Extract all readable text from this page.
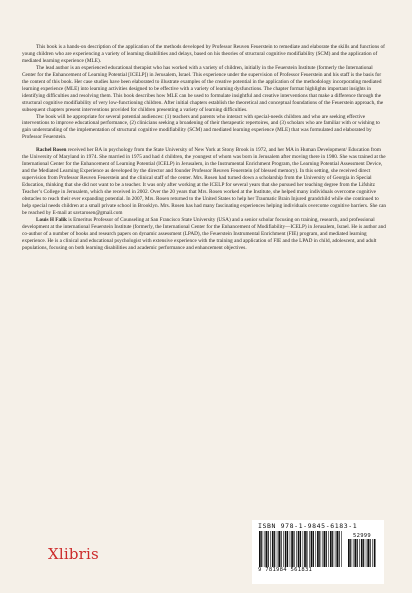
This book is a hands-on description of the application of the methods developed by Professor Reuven Feuerstein to remediate and elaborate the skills and functions of young children who are experiencing a variety of learning disabilities and delays, based on his theories of structural cognitive modifiability (SCM) and the application of mediated learning experience (MLE).

The lead author is an experienced educational therapist who has worked with a variety of children, initially in the Feuerstein Institute (formerly the International Center for the Enhancement of Learning Potential [ICELP]) in Jerusalem, Israel. This experience under the supervision of Professor Feuerstein and his staff is the basis for the content of this book. Her case studies have been elaborated to illustrate examples of the creative potential in the application of the methodology incorporating mediated learning experience (MLE) into learning activities designed to be effective with a variety of learning dysfunctions. The chapter format highlights important insights in identifying difficulties and resolving them. This book describes how MLE can be used to formulate insightful and creative interventions that make a difference through the structural cognitive modifiability of very low-functioning children. After initial chapters establish the theoretical and conceptual foundations of the Feuerstein approach, the subsequent chapters present interventions provided for children presenting a variety of learning difficulties.

The book will be appropriate for several potential audiences: (1) teachers and parents who interact with special-needs children and who are seeking effective interventions to improve educational performance, (2) clinicians seeking a broadening of their therapeutic repertoires, and (3) scholars who are familiar with or wishing to gain understanding of the implementation of structural cognitive modifiability (SCM) and mediated learning experience (MLE) that was formulated and elaborated by Professor Feuerstein.

Rachel Rosen received her BA in psychology from the State University of New York at Stony Brook in 1972, and her MA in Human Development/ Education from the University of Maryland in 1974. She married in 1975 and had 4 children, the youngest of whom was born in Jerusalem after moving there in 1980. She was trained at the International Center for the Enhancement of Learning Potential (ICELP) in Jerusalem, in the Instrumental Enrichment Program, the Learning Potential Assessment Device, and the Mediated Learning Experience as developed by the director and founder Professor Reuven Feuerstein (of blessed memory). In this setting, she received direct supervision from Professor Reuven Feuerstein and the clinical staff of the center. Mrs. Rosen had turned down a scholarship from the University of Georgia in Special Education, thinking that she did not want to be a teacher. It was only after working at the ICELP for several years that she pursued her teaching degree from the Lifshitz Teacher’s College in Jerusalem, which she received in 2002. Over the 20 years that Mrs. Rosen worked at the Institute, she helped many individuals overcome cognitive obstacles to reach their ever expanding potential. In 2007, Mrs. Rosen returned to the United States to help her Traumatic Brain Injured grandchild while she continued to help special needs children at a small private school in Brooklyn. Mrs. Rosen has had many fascinating experiences helping individuals overcome cognitive barriers. She can be reached by E-mail at savtarosen@gmail.com

Louis H Falik is Emeritus Professor of Counseling at San Francisco State University (USA) and a senior scholar focusing on training, research, and professional development at the international Feuerstein Institute (formerly, the International Center for the Enhancement of Modifiability—ICELP) in Jerusalem, Israel. He is author and co-author of a number of books and research papers on dynamic assessment (LPAD), the Feuerstein Instrumental Enrichment (FIE) program, and mediated learning experience. He is a clinical and educational psychologist with extensive experience with the training and application of FIE and the LPAD in child, adolescent, and adult populations, focusing on both learning disabilities and academic performance and enhancement objectives.

Xlibris
ISBN 978-1-9845-6183-1
52999
9 781984 561831
